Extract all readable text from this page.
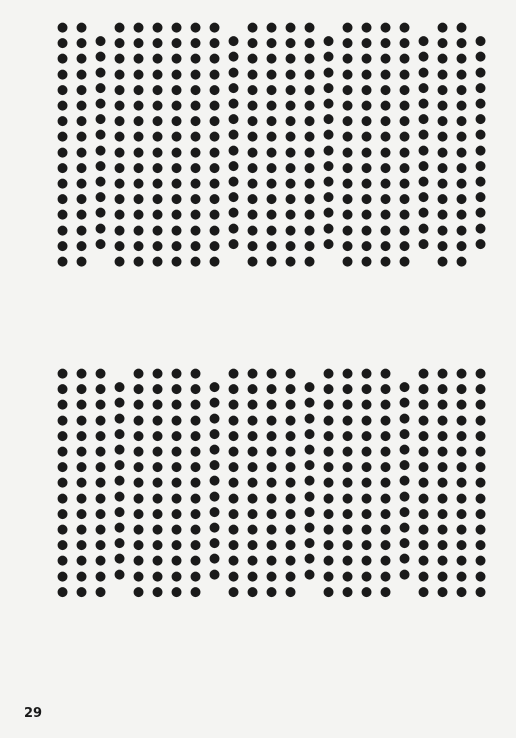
　●●●●●●●●●●●●●●
●●●●●●●●●●●●●●●●
●●●●●●●●●●●●●●●●
　●●●●●●●●●●●●●●
●●●●●●●●●●●●●●●●
●●●●●●●●●●●●●●●●
●●●●●●●●●●●●●●●●
●●●●●●●●●●●●●●●●
　●●●●●●●●●●●●●●
●●●●●●●●●●●●●●●●
●●●●●●●●●●●●●●●●
●●●●●●●●●●●●●●●●
●●●●●●●●●●●●●●●●
　●●●●●●●●●●●●●●
●●●●●●●●●●●●●●●●
●●●●●●●●●●●●●●●●
●●●●●●●●●●●●●●●●
●●●●●●●●●●●●●●●●
●●●●●●●●●●●●●●●●
●●●●●●●●●●●●●●●●
　●●●●●●●●●●●●●●
●●●●●●●●●●●●●●●●
●●●●●●●●●●●●●●●●
●●●●●●●●●●●●●●●
●●●●●●●●●●●●●●●
●●●●●●●●●●●●●●●
●●●●●●●●●●●●●●●
　●●●●●●●●●●●●●
●●●●●●●●●●●●●●●
●●●●●●●●●●●●●●●
●●●●●●●●●●●●●●●
●●●●●●●●●●●●●●●
　●●●●●●●●●●●●●
●●●●●●●●●●●●●●●
●●●●●●●●●●●●●●●
●●●●●●●●●●●●●●●
●●●●●●●●●●●●●●●
　●●●●●●●●●●●●●
●●●●●●●●●●●●●●●
●●●●●●●●●●●●●●●
●●●●●●●●●●●●●●●
●●●●●●●●●●●●●●●
　●●●●●●●●●●●●●
●●●●●●●●●●●●●●●
●●●●●●●●●●●●●●●
●●●●●●●●●●●●●●●
29
